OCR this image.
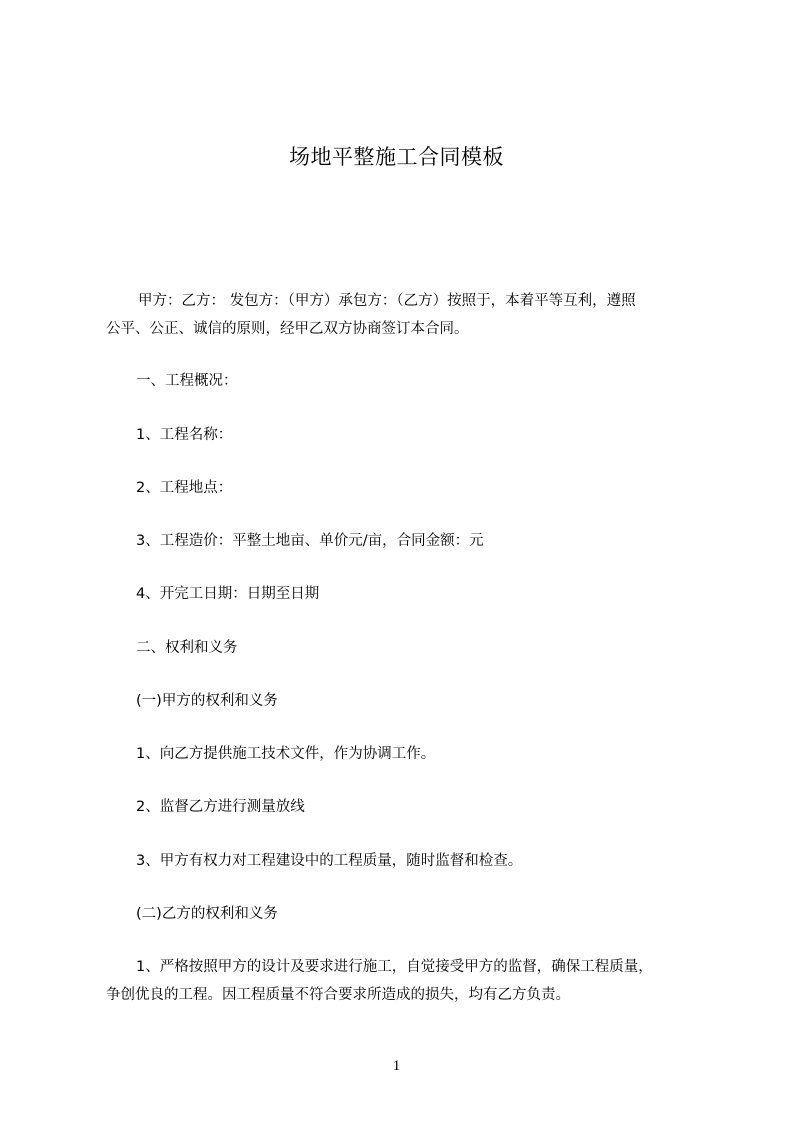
场地平整施工合同模板
甲方：乙方： 发包方：（甲方）承包方：（乙方）按照于，本着平等互利，遵照
公平、公正、诚信的原则，经甲乙双方协商签订本合同。
一、工程概况：
1、工程名称：
2、工程地点：
3、工程造价：平整土地亩、单价元/亩，合同金额：元
4、开完工日期：日期至日期
二、权利和义务
(一)甲方的权利和义务
1、向乙方提供施工技术文件，作为协调工作。
2、监督乙方进行测量放线
3、甲方有权力对工程建设中的工程质量，随时监督和检查。
(二)乙方的权利和义务
1、严格按照甲方的设计及要求进行施工，自觉接受甲方的监督，确保工程质量，
争创优良的工程。因工程质量不符合要求所造成的损失，均有乙方负责。
1
